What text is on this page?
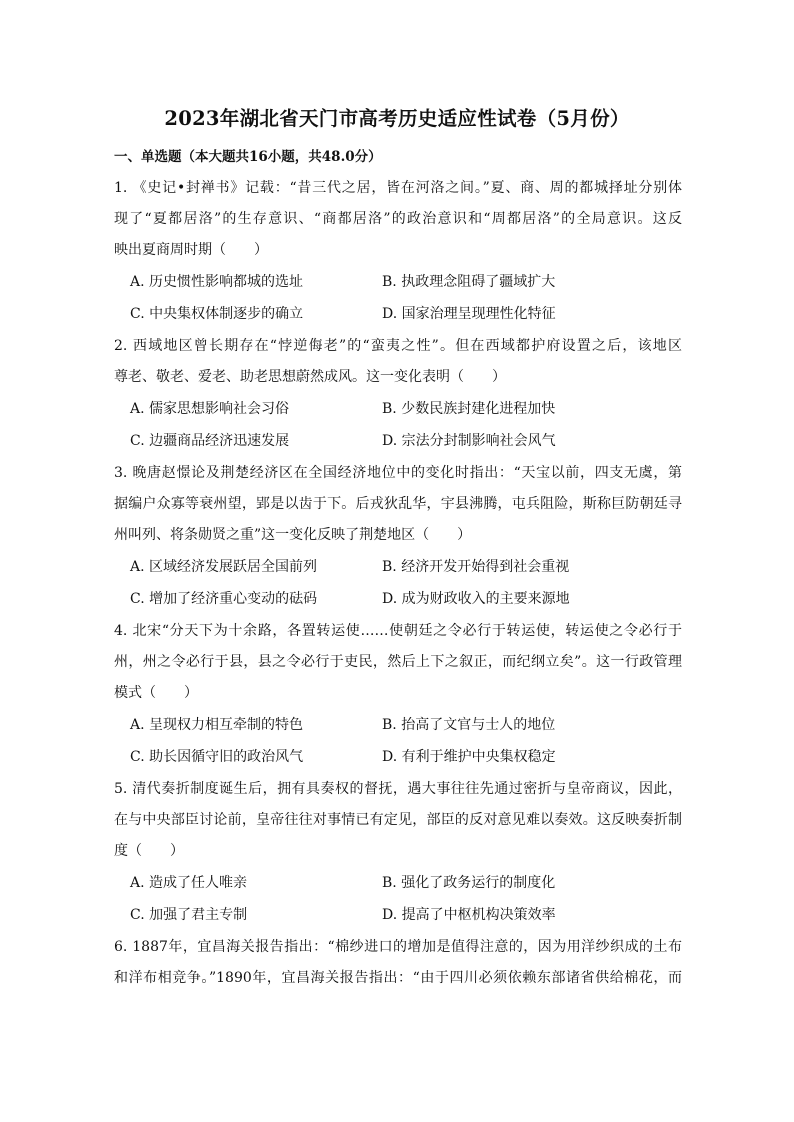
2023年湖北省天门市高考历史适应性试卷（5月份）
一、单选题（本大题共16小题，共48.0分）
1. 《史记•封禅书》记载：“昔三代之居，皆在河洛之间。”夏、商、周的都城择址分别体
现了“夏都居洛”的生存意识、“商都居洛”的政治意识和“周都居洛”的全局意识。这反
映出夏商周时期（　　）
A. 历史惯性影响都城的选址	B. 执政理念阻碍了疆域扩大
C. 中央集权体制逐步的确立	D. 国家治理呈现理性化特征
2. 西域地区曾长期存在“悖逆侮老”的“蛮夷之性”。但在西域都护府设置之后，该地区
尊老、敬老、爱老、助老思想蔚然成风。这一变化表明（　　）
A. 儒家思想影响社会习俗	B. 少数民族封建化进程加快
C. 边疆商品经济迅速发展	D. 宗法分封制影响社会风气
3. 晚唐赵憬论及荆楚经济区在全国经济地位中的变化时指出：“天宝以前，四支无虞，第
据编户众寡等衰州望，郢是以齿于下。后戎狄乱华，宇县沸腾，屯兵阻险，斯称巨防朝廷寻
州叫列、将条勋贤之重”这一变化反映了荆楚地区（　　）
A. 区域经济发展跃居全国前列	B. 经济开发开始得到社会重视
C. 增加了经济重心变动的砝码	D. 成为财政收入的主要来源地
4. 北宋“分天下为十余路，各置转运使……使朝廷之令必行于转运使，转运使之令必行于
州，州之令必行于县，县之令必行于吏民，然后上下之叙正，而纪纲立矣”。这一行政管理
模式（　　）
A. 呈现权力相互牵制的特色	B. 抬高了文官与士人的地位
C. 助长因循守旧的政治风气	D. 有利于维护中央集权稳定
5. 清代奏折制度诞生后，拥有具奏权的督抚，遇大事往往先通过密折与皇帝商议，因此，
在与中央部臣讨论前，皇帝往往对事情已有定见，部臣的反对意见难以奏效。这反映奏折制
度（　　）
A. 造成了任人唯亲	B. 强化了政务运行的制度化
C. 加强了君主专制	D. 提高了中枢机构决策效率
6. 1887年，宜昌海关报告指出：“棉纱进口的增加是值得注意的，因为用洋纱织成的土布
和洋布相竞争。”1890年，宜昌海关报告指出：“由于四川必须依赖东部诸省供给棉花，而
